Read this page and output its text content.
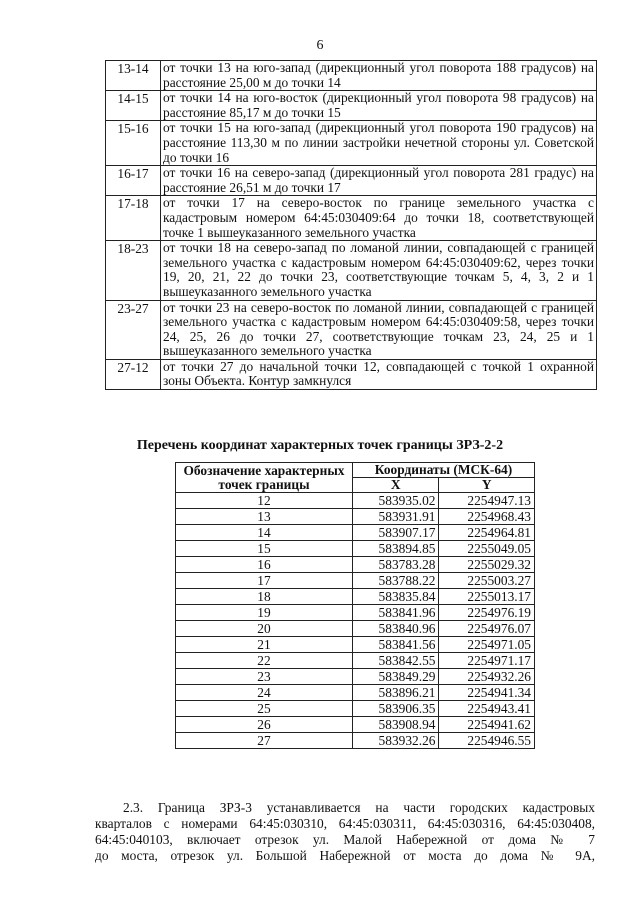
6
13-14	от точки 13 на юго-запад (дирекционный угол поворота 188 градусов) на расстояние 25,00 м до точки 14
14-15	от точки 14 на юго-восток (дирекционный угол поворота 98 градусов) на расстояние 85,17 м до точки 15
15-16	от точки 15 на юго-запад (дирекционный угол поворота 190 градусов) на расстояние 113,30 м по линии застройки нечетной стороны ул. Советской до точки 16
16-17	от точки 16 на северо-запад (дирекционный угол поворота 281 градус) на расстояние 26,51 м до точки 17
17-18	от точки 17 на северо-восток по границе земельного участка с кадастровым номером 64:45:030409:64 до точки 18, соответствующей точке 1 вышеуказанного земельного участка
18-23	от точки 18 на северо-запад по ломаной линии, совпадающей с границей земельного участка с кадастровым номером 64:45:030409:62, через точки 19, 20, 21, 22 до точки 23, соответствующие точкам 5, 4, 3, 2 и 1 вышеуказанного земельного участка
23-27	от точки 23 на северо-восток по ломаной линии, совпадающей с границей земельного участка с кадастровым номером 64:45:030409:58, через точки 24, 25, 26 до точки 27, соответствующие точкам 23, 24, 25 и 1 вышеуказанного земельного участка
27-12	от точки 27 до начальной точки 12, совпадающей с точкой 1 охранной зоны Объекта. Контур замкнулся
Перечень координат характерных точек границы ЗРЗ-2-2
Обозначение характерных точек границы	Координаты (МСК-64)	
	X	Y
12	583935.02	2254947.13
13	583931.91	2254968.43
14	583907.17	2254964.81
15	583894.85	2255049.05
16	583783.28	2255029.32
17	583788.22	2255003.27
18	583835.84	2255013.17
19	583841.96	2254976.19
20	583840.96	2254976.07
21	583841.56	2254971.05
22	583842.55	2254971.17
23	583849.29	2254932.26
24	583896.21	2254941.34
25	583906.35	2254943.41
26	583908.94	2254941.62
27	583932.26	2254946.55

2.3. Граница ЗРЗ-3 устанавливается на части городских кадастровых

кварталов с номерами 64:45:030310, 64:45:030311, 64:45:030316, 64:45:030408,

64:45:040103, включает отрезок ул. Малой Набережной от дома № 7

до моста, отрезок ул. Большой Набережной от моста до дома № 9А,
